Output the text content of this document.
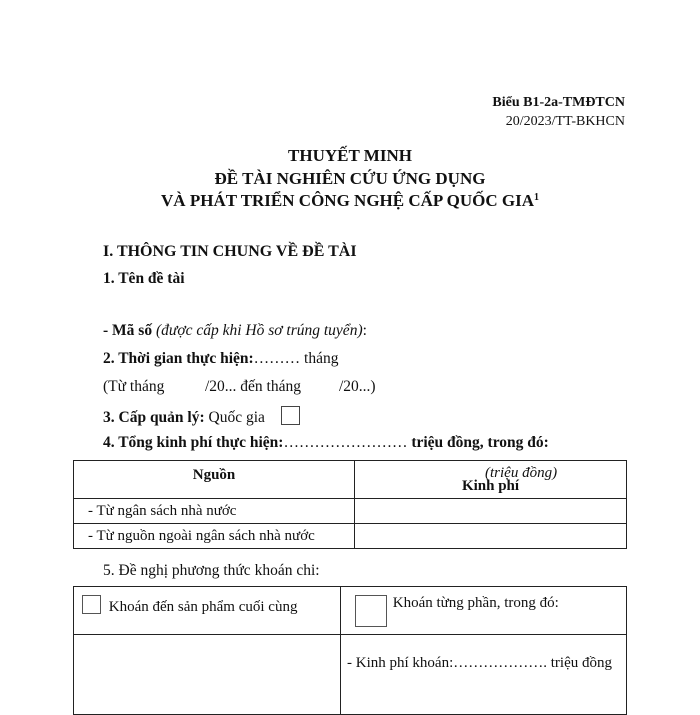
Biểu B1-2a-TMĐTCN
20/2023/TT-BKHCN
THUYẾT MINH
ĐỀ TÀI NGHIÊN CỨU ỨNG DỤNG
VÀ PHÁT TRIỂN CÔNG NGHỆ CẤP QUỐC GIA$^1$
I. THÔNG TIN CHUNG VỀ ĐỀ TÀI
1. Tên đề tài
- Mã số (được cấp khi Hồ sơ trúng tuyển):
2. Thời gian thực hiện:……… tháng
(Từ tháng	/20... đến tháng /20...)
3. Cấp quản lý: Quốc gia
4. Tổng kinh phí thực hiện:…………………… triệu đồng, trong đó:
Nguồn	Kinh phí
(triệu đồng)

- Từ ngân sách nhà nước	
- Từ nguồn ngoài ngân sách nhà nước	
5. Đề nghị phương thức khoán chi:
Khoán đến sản phẩm cuối cùng	Khoán từng phần, trong đó:
	- Kinh phí khoán:………………. triệu đồng
